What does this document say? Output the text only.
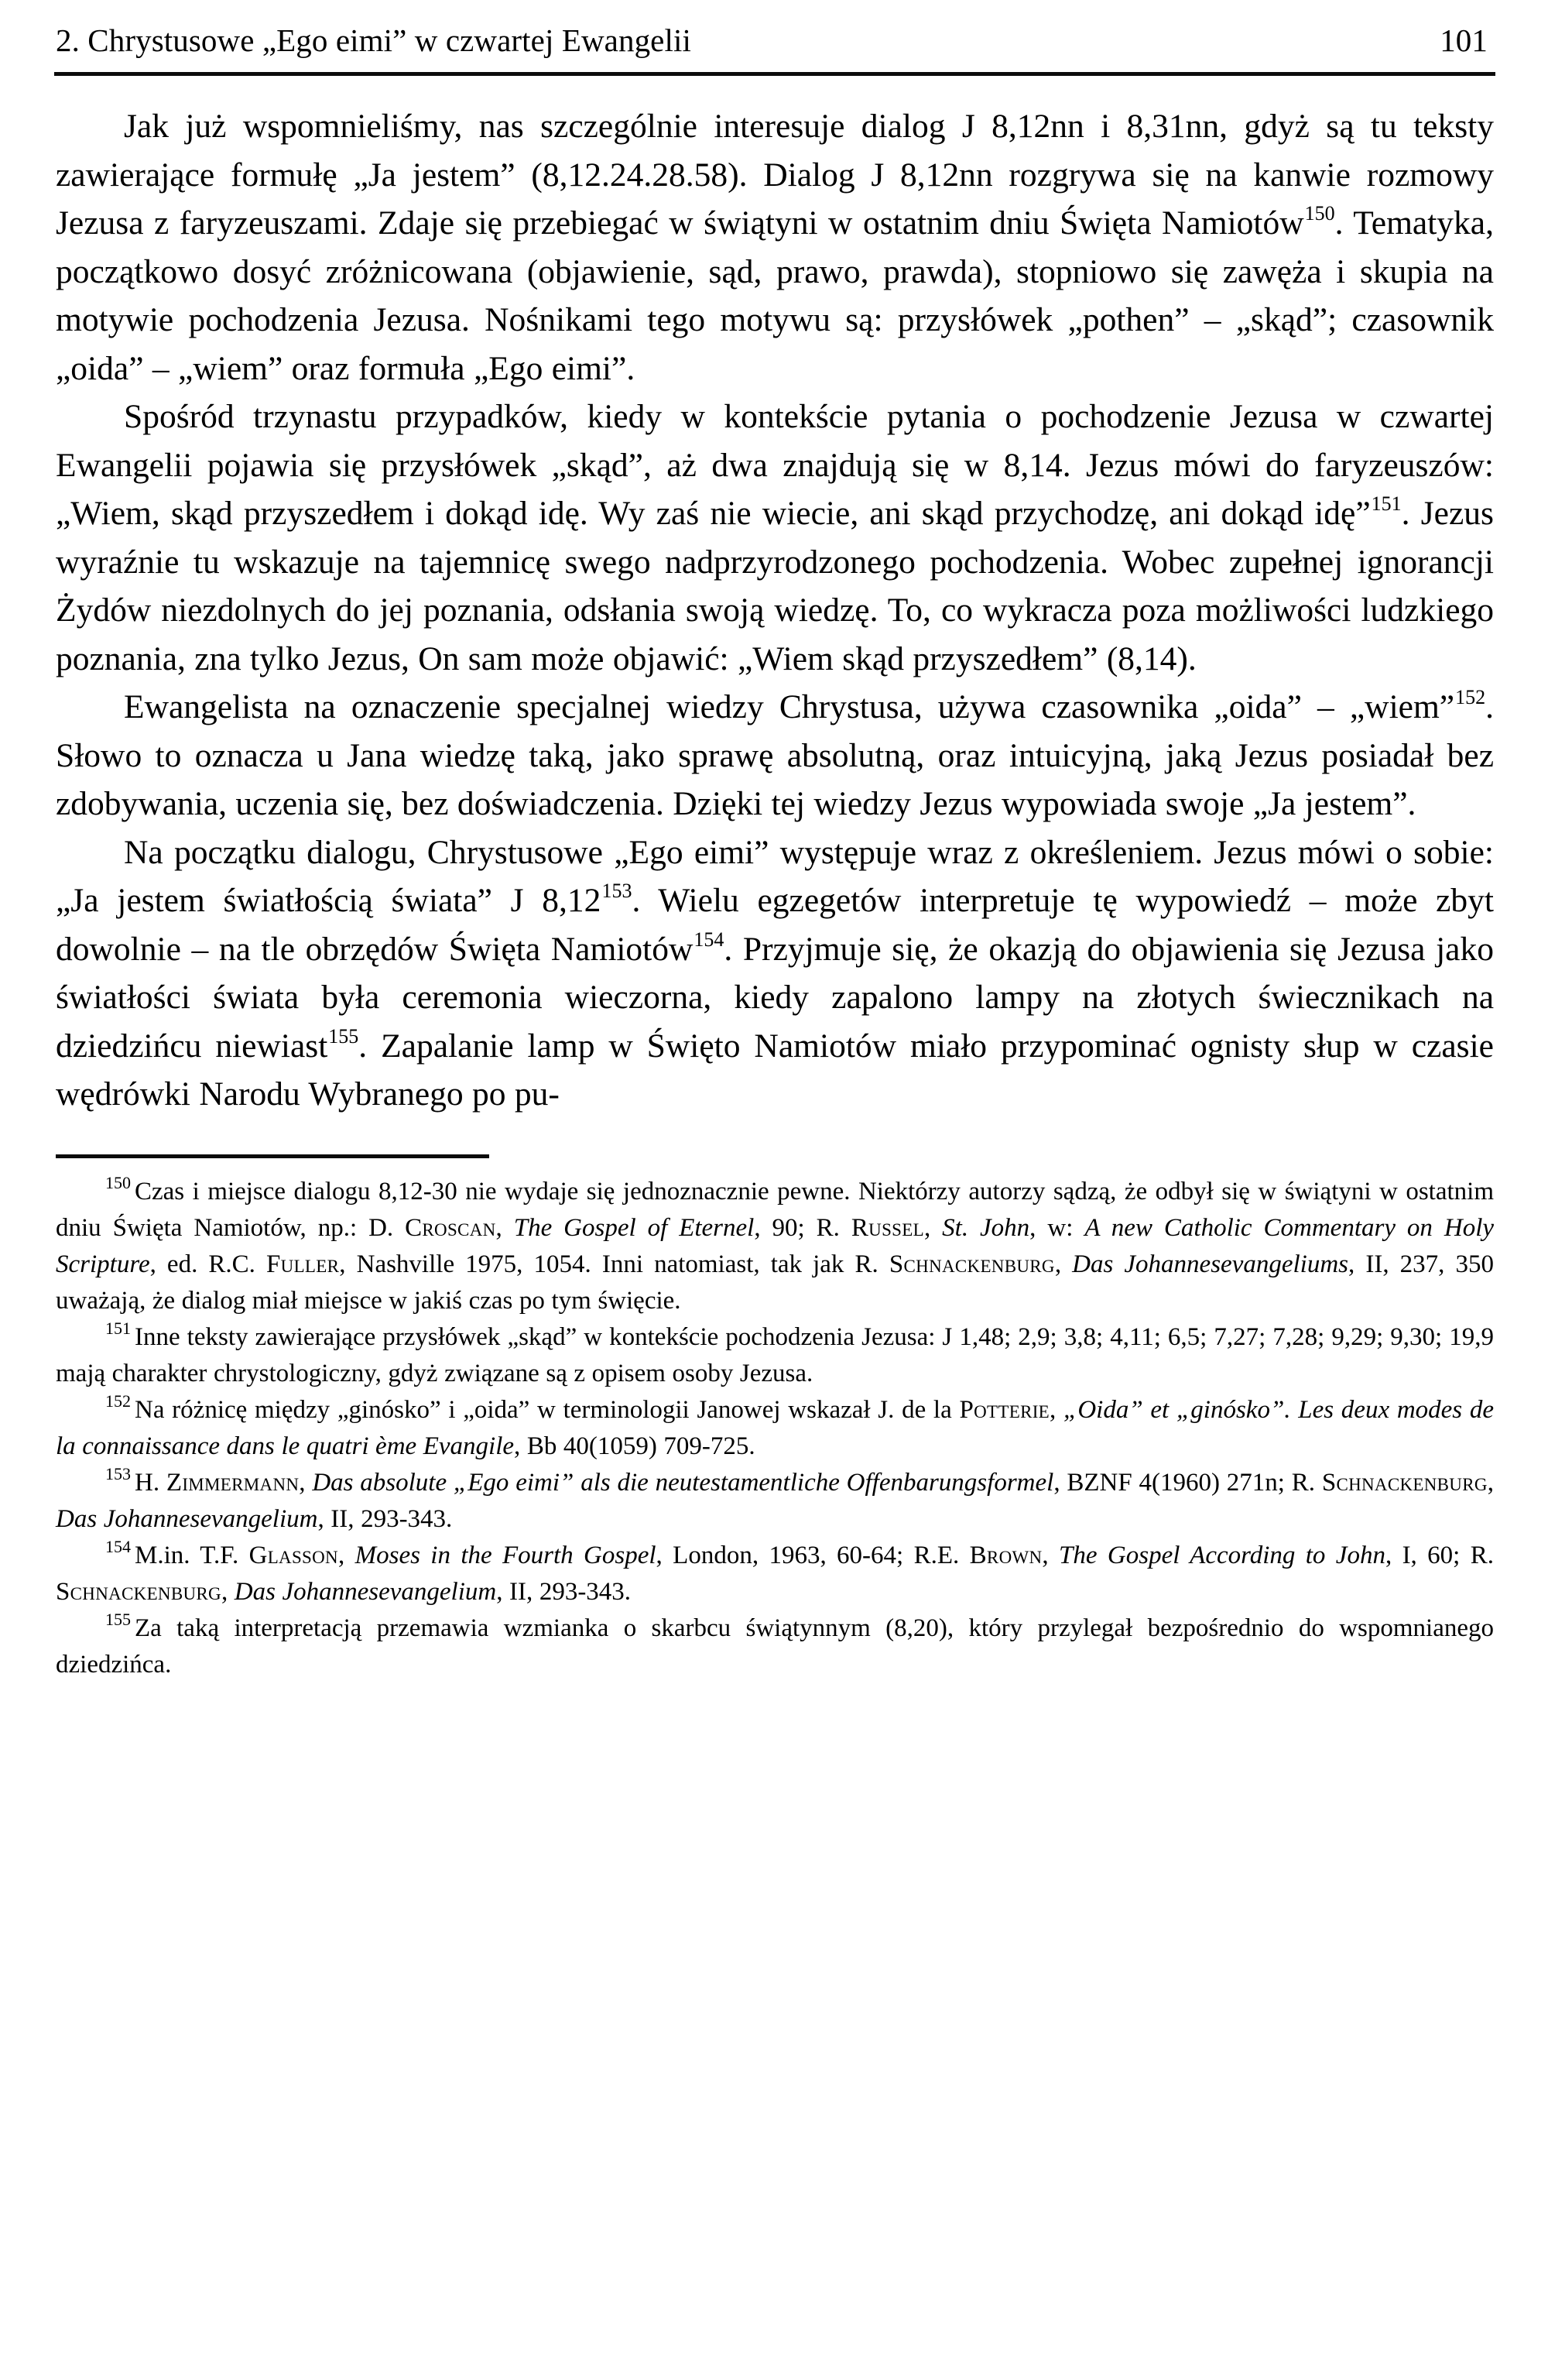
2. Chrystusowe „Ego eimi” w czwartej Ewangelii	101

Jak już wspomnieliśmy, nas szczególnie interesuje dialog J 8,12nn i 8,31nn, gdyż są tu teksty zawierające formułę „Ja jestem” (8,12.24.28.58). Dialog J 8,12nn rozgrywa się na kanwie rozmowy Jezusa z faryzeuszami. Zdaje się przebiegać w świątyni w ostatnim dniu Święta Namiotów$^{150}$. Tematyka, początkowo dosyć zróżnicowana (objawienie, sąd, prawo, prawda), stopniowo się zawęża i skupia na motywie pochodzenia Jezusa. Nośnikami tego motywu są: przysłówek „pothen” – „skąd”; czasownik „oida” – „wiem” oraz formuła „Ego eimi”.

Spośród trzynastu przypadków, kiedy w kontekście pytania o pochodzenie Jezusa w czwartej Ewangelii pojawia się przysłówek „skąd”, aż dwa znajdują się w 8,14. Jezus mówi do faryzeuszów: „Wiem, skąd przyszedłem i dokąd idę. Wy zaś nie wiecie, ani skąd przychodzę, ani dokąd idę”$^{151}$. Jezus wyraźnie tu wskazuje na tajemnicę swego nadprzyrodzonego pochodzenia. Wobec zupełnej ignorancji Żydów niezdolnych do jej poznania, odsłania swoją wiedzę. To, co wykracza poza możliwości ludzkiego poznania, zna tylko Jezus, On sam może objawić: „Wiem skąd przyszedłem” (8,14).

Ewangelista na oznaczenie specjalnej wiedzy Chrystusa, używa czasownika „oida” – „wiem”$^{152}$. Słowo to oznacza u Jana wiedzę taką, jako sprawę absolutną, oraz intuicyjną, jaką Jezus posiadał bez zdobywania, uczenia się, bez doświadczenia. Dzięki tej wiedzy Jezus wypowiada swoje „Ja jestem”.

Na początku dialogu, Chrystusowe „Ego eimi” występuje wraz z określeniem. Jezus mówi o sobie: „Ja jestem światłością świata” J 8,12$^{153}$. Wielu egzegetów interpretuje tę wypowiedź – może zbyt dowolnie – na tle obrzędów Święta Namiotów$^{154}$. Przyjmuje się, że okazją do objawienia się Jezusa jako światłości świata była ceremonia wieczorna, kiedy zapalono lampy na złotych świecznikach na dziedzińcu niewiast$^{155}$. Zapalanie lamp w Święto Namiotów miało przypominać ognisty słup w czasie wędrówki Narodu Wybranego po pu-

$^{150}$ Czas i miejsce dialogu 8,12-30 nie wydaje się jednoznacznie pewne. Niektórzy autorzy sądzą, że odbył się w świątyni w ostatnim dniu Święta Namiotów, np.: D. Croscan, The Gospel of Eternel, 90; R. Russel, St. John, w: A new Catholic Commentary on Holy Scripture, ed. R.C. Fuller, Nashville 1975, 1054. Inni natomiast, tak jak R. Schnackenburg, Das Johannesevangeliums, II, 237, 350 uważają, że dialog miał miejsce w jakiś czas po tym święcie.

$^{151}$ Inne teksty zawierające przysłówek „skąd” w kontekście pochodzenia Jezusa: J 1,48; 2,9; 3,8; 4,11; 6,5; 7,27; 7,28; 9,29; 9,30; 19,9 mają charakter chrystologiczny, gdyż związane są z opisem osoby Jezusa.

$^{152}$ Na różnicę między „ginósko” i „oida” w terminologii Janowej wskazał J. de la Potterie, „Oida” et „ginósko”. Les deux modes de la connaissance dans le quatri ème Evangile, Bb 40(1059) 709-725.

$^{153}$ H. Zimmermann, Das absolute „Ego eimi” als die neutestamentliche Offenbarungsformel, BZNF 4(1960) 271n; R. Schnackenburg, Das Johannesevangelium, II, 293-343.

$^{154}$ M.in. T.F. Glasson, Moses in the Fourth Gospel, London, 1963, 60-64; R.E. Brown, The Gospel According to John, I, 60; R. Schnackenburg, Das Johannesevangelium, II, 293-343.

$^{155}$ Za taką interpretacją przemawia wzmianka o skarbcu świątynnym (8,20), który przylegał bezpośrednio do wspomnianego dziedzińca.
